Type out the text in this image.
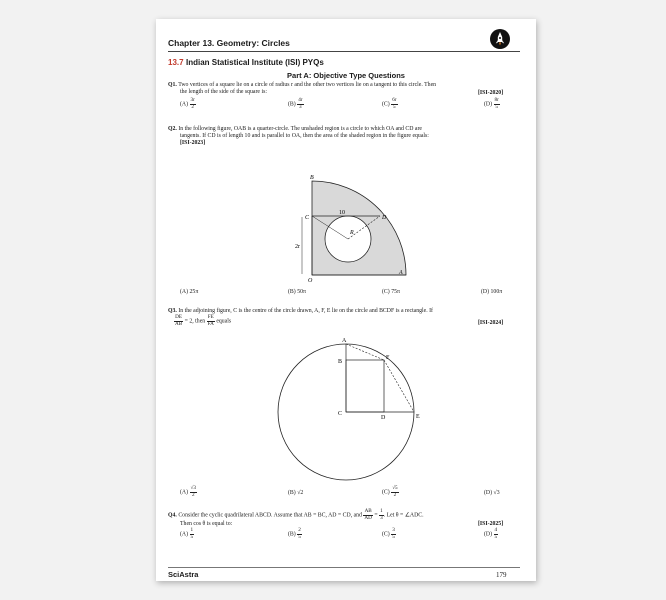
Chapter 13. Geometry: Circles
13.7 Indian Statistical Institute (ISI) PYQs
Part A: Objective Type Questions
Q1. Two vertices of a square lie on a circle of radius r and the other two vertices lie on a tangent to this circle. Then
the length of the side of the square is:	[ISI-2020]
$(A) \frac{3r}{2}$	$(B) \frac{4r}{3}$	$(C) \frac{6r}{5}$	$(D) \frac{8r}{5}$
Q2. In the following figure, OAB is a quarter-circle. The unshaded region is a circle to which OA and CD are
tangents. If CD is of length 10 and is parallel to OA, then the area of the shaded region in the figure equals:
[ISI-2023]
B
C	D
O
A
R
10
2r
(A) 25π	(B) 50π	(C) 75π	(D) 100π
Q3. In the adjoining figure, C is the centre of the circle drawn, A, F, E lie on the circle and BCDF is a rectangle. If
$\frac{DE}{AB} = 2$, then $\frac{FE}{FA}$ equals	[ISI-2024]
A
B
C
D	E
F
$(A) \frac{√3}{2}$	(B) √2	$(C) \frac{√5}{2}$	(D) √3
Q4. Consider the cyclic quadrilateral ABCD. Assume that AB = BC, AD = CD, and $\frac{AB}{AD} = \frac{1}{3}$ . Let θ = ∠ADC.
Then cos θ is equal to:	[ISI-2025]
$(A) \frac{1}{5}$	$(B) \frac{2}{5}$	$(C) \frac{3}{5}$	$(D) \frac{4}{5}$
SciAstra	179
